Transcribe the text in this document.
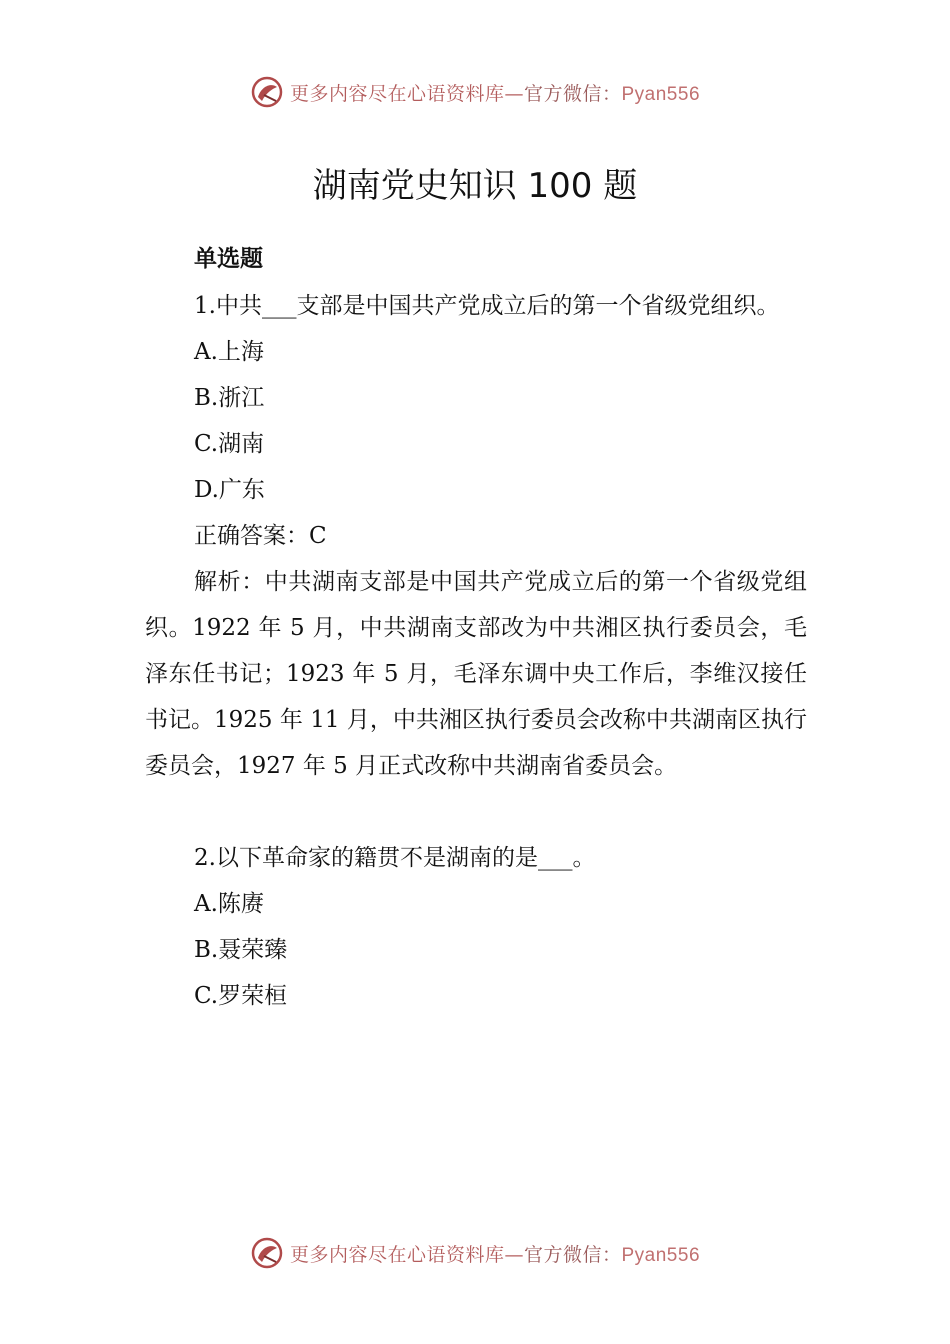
更多内容尽在心语资料库—官方微信：Pyan556
湖南党史知识 100 题
单选题

1.中共___支部是中国共产党成立后的第一个省级党组织。

A.上海

B.浙江

C.湖南

D.广东

正确答案：C

解析：中共湖南支部是中国共产党成立后的第一个省级党组织。1922 年 5 月，中共湖南支部改为中共湘区执行委员会，毛泽东任书记；1923 年 5 月，毛泽东调中央工作后，李维汉接任书记。1925 年 11 月，中共湘区执行委员会改称中共湖南区执行委员会，1927 年 5 月正式改称中共湖南省委员会。

2.以下革命家的籍贯不是湖南的是___。

A.陈赓

B.聂荣臻

C.罗荣桓

更多内容尽在心语资料库—官方微信：Pyan556
